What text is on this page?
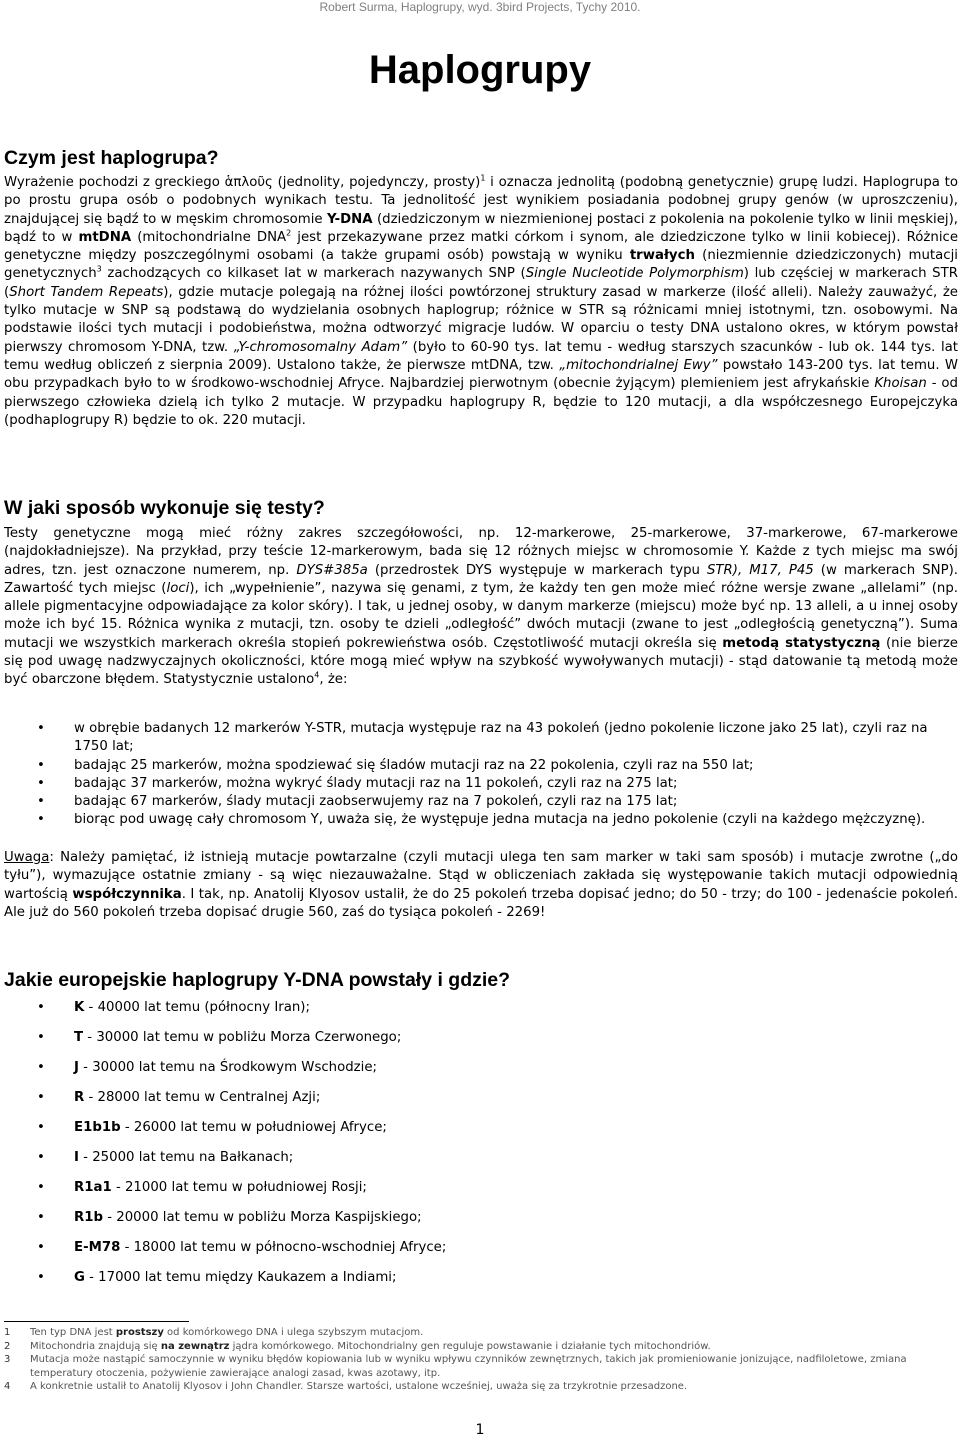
Robert Surma, Haplogrupy, wyd. 3bird Projects, Tychy 2010.
Haplogrupy
Czym jest haplogrupa?

Wyrażenie pochodzi z greckiego ἁπλοῦς (jednolity, pojedynczy, prosty)$^1$ i oznacza jednolitą (podobną genetycznie) grupę ludzi. Haplogrupa to po prostu grupa osób o podobnych wynikach testu. Ta jednolitość jest wynikiem posiadania podobnej grupy genów (w uproszczeniu), znajdującej się bądź to w męskim chromosomie Y-DNA (dziedziczonym w niezmienionej postaci z pokolenia na pokolenie tylko w linii męskiej), bądź to w mtDNA (mitochondrialne DNA$^2$ jest przekazywane przez matki córkom i synom, ale dziedziczone tylko w linii kobiecej). Różnice genetyczne między poszczególnymi osobami (a także grupami osób) powstają w wyniku trwałych (niezmiennie dziedziczonych) mutacji genetycznych$^3$ zachodzących co kilkaset lat w markerach nazywanych SNP (Single Nucleotide Polymorphism) lub częściej w markerach STR (Short Tandem Repeats), gdzie mutacje polegają na różnej ilości powtórzonej struktury zasad w markerze (ilość alleli). Należy zauważyć, że tylko mutacje w SNP są podstawą do wydzielania osobnych haplogrup; różnice w STR są różnicami mniej istotnymi, tzn. osobowymi. Na podstawie ilości tych mutacji i podobieństwa, można odtworzyć migracje ludów. W oparciu o testy DNA ustalono okres, w którym powstał pierwszy chromosom Y-DNA, tzw. „Y-chromosomalny Adam” (było to 60-90 tys. lat temu - według starszych szacunków - lub ok. 144 tys. lat temu według obliczeń z sierpnia 2009). Ustalono także, że pierwsze mtDNA, tzw. „mitochondrialnej Ewy” powstało 143-200 tys. lat temu. W obu przypadkach było to w środkowo-wschodniej Afryce. Najbardziej pierwotnym (obecnie żyjącym) plemieniem jest afrykańskie Khoisan - od pierwszego człowieka dzielą ich tylko 2 mutacje. W przypadku haplogrupy R, będzie to 120 mutacji, a dla współczesnego Europejczyka (podhaplogrupy R) będzie to ok. 220 mutacji.

W jaki sposób wykonuje się testy?

Testy genetyczne mogą mieć różny zakres szczegółowości, np. 12-markerowe, 25-markerowe, 37-markerowe, 67-markerowe (najdokładniejsze). Na przykład, przy teście 12-markerowym, bada się 12 różnych miejsc w chromosomie Y. Każde z tych miejsc ma swój adres, tzn. jest oznaczone numerem, np. DYS#385a (przedrostek DYS występuje w markerach typu STR), M17, P45 (w markerach SNP). Zawartość tych miejsc (loci), ich „wypełnienie”, nazywa się genami, z tym, że każdy ten gen może mieć różne wersje zwane „allelami” (np. allele pigmentacyjne odpowiadające za kolor skóry). I tak, u jednej osoby, w danym markerze (miejscu) może być np. 13 alleli, a u innej osoby może ich być 15. Różnica wynika z mutacji, tzn. osoby te dzieli „odległość” dwóch mutacji (zwane to jest „odległością genetyczną”). Suma mutacji we wszystkich markerach określa stopień pokrewieństwa osób. Częstotliwość mutacji określa się metodą statystyczną (nie bierze się pod uwagę nadzwyczajnych okoliczności, które mogą mieć wpływ na szybkość wywoływanych mutacji) - stąd datowanie tą metodą może być obarczone błędem. Statystycznie ustalono$^4$, że:

• w obrębie badanych 12 markerów Y-STR, mutacja występuje raz na 43 pokoleń (jedno pokolenie liczone jako 25 lat), czyli raz na 1750 lat;
• badając 25 markerów, można spodziewać się śladów mutacji raz na 22 pokolenia, czyli raz na 550 lat;
• badając 37 markerów, można wykryć ślady mutacji raz na 11 pokoleń, czyli raz na 275 lat;
• badając 67 markerów, ślady mutacji zaobserwujemy raz na 7 pokoleń, czyli raz na 175 lat;
• biorąc pod uwagę cały chromosom Y, uważa się, że występuje jedna mutacja na jedno pokolenie (czyli na każdego mężczyznę).

Uwaga: Należy pamiętać, iż istnieją mutacje powtarzalne (czyli mutacji ulega ten sam marker w taki sam sposób) i mutacje zwrotne („do tyłu”), wymazujące ostatnie zmiany - są więc niezauważalne. Stąd w obliczeniach zakłada się występowanie takich mutacji odpowiednią wartością współczynnika. I tak, np. Anatolij Klyosov ustalił, że do 25 pokoleń trzeba dopisać jedno; do 50 - trzy; do 100 - jedenaście pokoleń. Ale już do 560 pokoleń trzeba dopisać drugie 560, zaś do tysiąca pokoleń - 2269!

Jakie europejskie haplogrupy Y-DNA powstały i gdzie?
• K - 40000 lat temu (północny Iran);
• T - 30000 lat temu w pobliżu Morza Czerwonego;
• J - 30000 lat temu na Środkowym Wschodzie;
• R - 28000 lat temu w Centralnej Azji;
• E1b1b - 26000 lat temu w południowej Afryce;
• I - 25000 lat temu na Bałkanach;
• R1a1 - 21000 lat temu w południowej Rosji;
• R1b - 20000 lat temu w pobliżu Morza Kaspijskiego;
• E-M78 - 18000 lat temu w północno-wschodniej Afryce;
• G - 17000 lat temu między Kaukazem a Indiami;
1	Ten typ DNA jest prostszy od komórkowego DNA i ulega szybszym mutacjom.
2	Mitochondria znajdują się na zewnątrz jądra komórkowego. Mitochondrialny gen reguluje powstawanie i działanie tych mitochondriów.
3	Mutacja może nastąpić samoczynnie w wyniku błędów kopiowania lub w wyniku wpływu czynników zewnętrznych, takich jak promieniowanie jonizujące, nadfiloletowe, zmiana temperatury otoczenia, pożywienie zawierające analogi zasad, kwas azotawy, itp.
4	A konkretnie ustalił to Anatolij Klyosov i John Chandler. Starsze wartości, ustalone wcześniej, uważa się za trzykrotnie przesadzone.
1
